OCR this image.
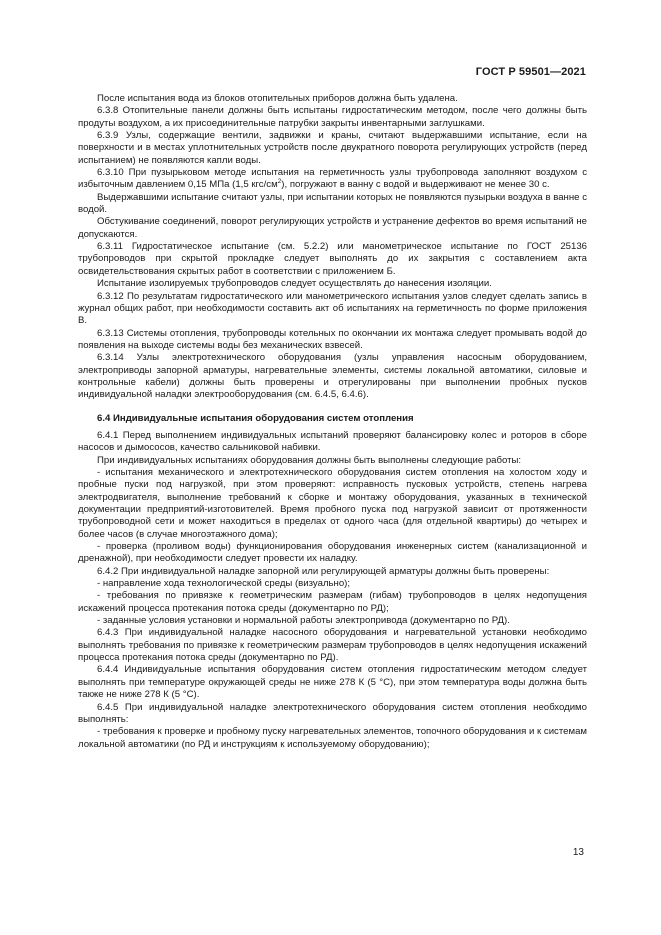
ГОСТ Р 59501—2021

После испытания вода из блоков отопительных приборов должна быть удалена.

6.3.8 Отопительные панели должны быть испытаны гидростатическим методом, после чего должны быть продуты воздухом, а их присоединительные патрубки закрыты инвентарными заглушками.

6.3.9 Узлы, содержащие вентили, задвижки и краны, считают выдержавшими испытание, если на поверхности и в местах уплотнительных устройств после двукратного поворота регулирующих устройств (перед испытанием) не появляются капли воды.

6.3.10 При пузырьковом методе испытания на герметичность узлы трубопровода заполняют воздухом с избыточным давлением 0,15 МПа (1,5 кгс/$см^2$), погружают в ванну с водой и выдерживают не менее 30 с.

Выдержавшими испытание считают узлы, при испытании которых не появляются пузырьки воздуха в ванне с водой.

Обстукивание соединений, поворот регулирующих устройств и устранение дефектов во время испытаний не допускаются.

6.3.11 Гидростатическое испытание (см. 5.2.2) или манометрическое испытание по ГОСТ 25136 трубопроводов при скрытой прокладке следует выполнять до их закрытия с составлением акта освидетельствования скрытых работ в соответствии с приложением Б.

Испытание изолируемых трубопроводов следует осуществлять до нанесения изоляции.

6.3.12 По результатам гидростатического или манометрического испытания узлов следует сделать запись в журнал общих работ, при необходимости составить акт об испытаниях на герметичность по форме приложения В.

6.3.13 Системы отопления, трубопроводы котельных по окончании их монтажа следует промывать водой до появления на выходе системы воды без механических взвесей.

6.3.14 Узлы электротехнического оборудования (узлы управления насосным оборудованием, электроприводы запорной арматуры, нагревательные элементы, системы локальной автоматики, силовые и контрольные кабели) должны быть проверены и отрегулированы при выполнении пробных пусков индивидуальной наладки электрооборудования (см. 6.4.5, 6.4.6).

6.4 Индивидуальные испытания оборудования систем отопления

6.4.1 Перед выполнением индивидуальных испытаний проверяют балансировку колес и роторов в сборе насосов и дымососов, качество сальниковой набивки.

При индивидуальных испытаниях оборудования должны быть выполнены следующие работы:

- испытания механического и электротехнического оборудования систем отопления на холостом ходу и пробные пуски под нагрузкой, при этом проверяют: исправность пусковых устройств, степень нагрева электродвигателя, выполнение требований к сборке и монтажу оборудования, указанных в технической документации предприятий-изготовителей. Время пробного пуска под нагрузкой зависит от протяженности трубопроводной сети и может находиться в пределах от одного часа (для отдельной квартиры) до четырех и более часов (в случае многоэтажного дома);

- проверка (проливом воды) функционирования оборудования инженерных систем (канализационной и дренажной), при необходимости следует провести их наладку.

6.4.2 При индивидуальной наладке запорной или регулирующей арматуры должны быть проверены:

- направление хода технологической среды (визуально);

- требования по привязке к геометрическим размерам (гибам) трубопроводов в целях недопущения искажений процесса протекания потока среды (документарно по РД);

- заданные условия установки и нормальной работы электропривода (документарно по РД).

6.4.3 При индивидуальной наладке насосного оборудования и нагревательной установки необходимо выполнять требования по привязке к геометрическим размерам трубопроводов в целях недопущения искажений процесса протекания потока среды (документарно по РД).

6.4.4 Индивидуальные испытания оборудования систем отопления гидростатическим методом следует выполнять при температуре окружающей среды не ниже 278 К (5 °С), при этом температура воды должна быть также не ниже 278 К (5 °С).

6.4.5 При индивидуальной наладке электротехнического оборудования систем отопления необходимо выполнять:

- требования к проверке и пробному пуску нагревательных элементов, топочного оборудования и к системам локальной автоматики (по РД и инструкциям к используемому оборудованию);

13
